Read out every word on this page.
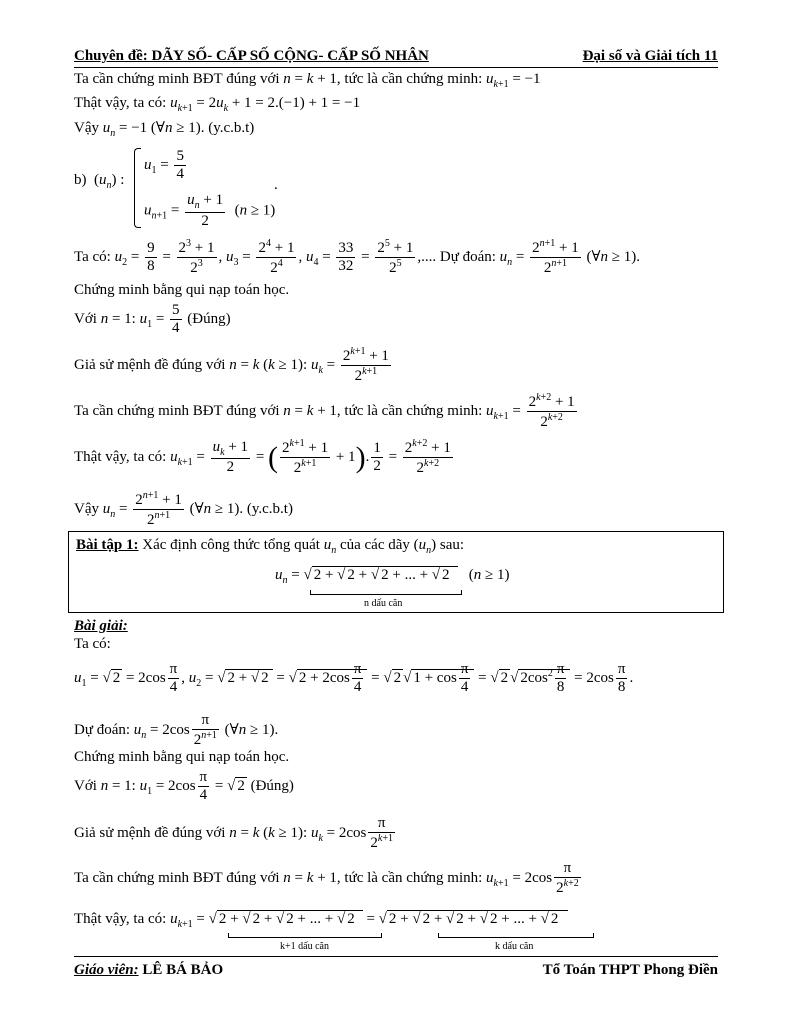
Chuyên đề: DÃY SỐ- CẤP SỐ CỘNG- CẤP SỐ NHÂN	Đại số và Giải tích 11
Ta cần chứng minh BĐT đúng với n = k + 1, tức là cần chứng minh: $u_{k+1} = -1$
Thật vậy, ta có: $u_{k+1} = 2u_k + 1 = 2.(-1) + 1 = -1$
Vậy $u_n = -1$ (∀n ≥ 1). (y.c.b.t)
b) $(u_n)$ :
$u_1 = \frac{5}{4}$
$u_{n+1} = \frac{u_n + 1}{2} (n \ge 1)$
.
Ta có: $u_2 = \frac{9}{8} = \frac{2^3 + 1}{2^3}$ , $u_3 = \frac{2^4 + 1}{2^4}$ , $u_4 = \frac{33}{32} = \frac{2^5 + 1}{2^5}$ ,.... Dự đoán: $u_n = \frac{2^{n+1} + 1}{2^{n+1}}$ (∀n ≥ 1).
Chứng minh bằng qui nạp toán học.
Với n = 1: $u_1 = \frac{5}{4}$ (Đúng)
Giả sử mệnh đề đúng với n = k (k ≥ 1): $u_k = \frac{2^{k+1} + 1}{2^{k+1}}$
Ta cần chứng minh BĐT đúng với n = k + 1, tức là cần chứng minh: $u_{k+1} = \frac{2^{k+2} + 1}{2^{k+2}}$
Thật vậy, ta có: $u_{k+1} = \frac{u_k + 1}{2}$ = ( $\frac{2^{k+1} + 1}{2^{k+1}} + 1$). $\frac{1}{2} = \frac{2^{k+2} + 1}{2^{k+2}}$
Vậy $u_n = \frac{2^{n+1} + 1}{2^{n+1}}$ (∀n ≥ 1). (y.c.b.t)
Bài tập 1: Xác định công thức tổng quát $u_n$ của các dãy $(u_n)$ sau:
$u_n$ = √ 2 + √ 2 + √ 2 + ... + √ 2   (n ≥ 1)
n dấu căn
Bài giải:
Ta có:
$u_1$ = √ $2 = 2\cos \frac{\pi}{4}$ , $u_2$ = √ 2 + √ 2 = √ $2 + 2\cos \frac{\pi}{4}$ = √ 2 √ $1 + \cos \frac{\pi}{4}$ = √ 2 √ $2\cos^2 \frac{\pi}{8} = 2\cos \frac{\pi}{8}$ .
Dự đoán: $u_n = 2\cos \frac{\pi}{2^{n+1}}$ (∀n ≥ 1).
Chứng minh bằng qui nạp toán học.
Với n = 1: $u_1 = 2\cos \frac{\pi}{4}$ = √ 2 (Đúng)
Giả sử mệnh đề đúng với n = k (k ≥ 1): $u_k = 2\cos \frac{\pi}{2^{k+1}}$
Ta cần chứng minh BĐT đúng với n = k + 1, tức là cần chứng minh: $u_{k+1} = 2\cos \frac{\pi}{2^{k+2}}$
Thật vậy, ta có: $u_{k+1}$ = √ 2 + √ 2 + √ 2 + ... + √ 2 = √ 2 + √ 2 + √ 2 + √ 2 + ... + √ 2
k+1 dấu căn	k dấu căn
Giáo viên: LÊ BÁ BẢO	Tổ Toán THPT Phong Điền
